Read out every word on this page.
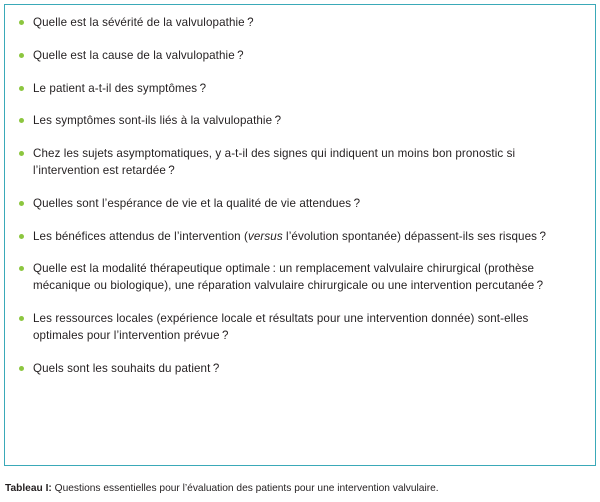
Quelle est la sévérité de la valvulopathie ?
Quelle est la cause de la valvulopathie ?
Le patient a-t-il des symptômes ?
Les symptômes sont-ils liés à la valvulopathie ?
Chez les sujets asymptomatiques, y a-t-il des signes qui indiquent un moins bon pronostic si l’intervention est retardée ?
Quelles sont l’espérance de vie et la qualité de vie attendues ?
Les bénéfices attendus de l’intervention (versus l’évolution spontanée) dépassent-ils ses risques ?
Quelle est la modalité thérapeutique optimale : un remplacement valvulaire chirurgical (prothèse mécanique ou biologique), une réparation valvulaire chirurgicale ou une intervention percutanée ?
Les ressources locales (expérience locale et résultats pour une intervention donnée) sont-elles optimales pour l’intervention prévue ?
Quels sont les souhaits du patient ?
Tableau I: Questions essentielles pour l’évaluation des patients pour une intervention valvulaire.
